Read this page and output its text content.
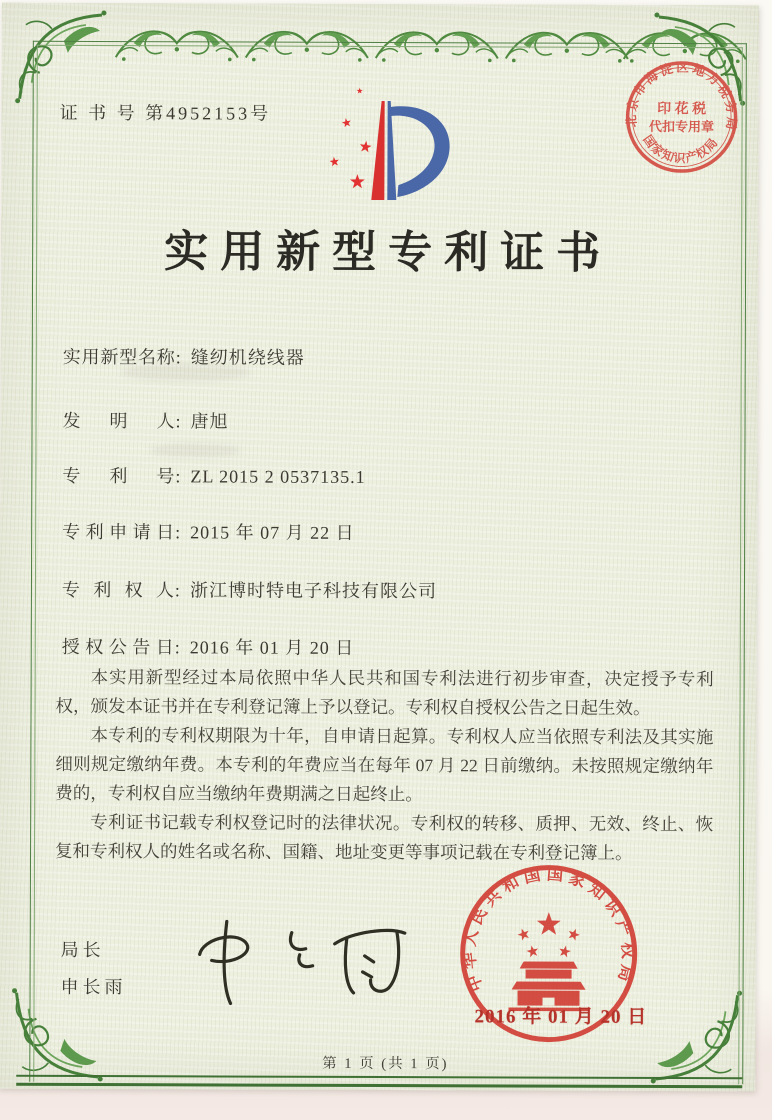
证 书 号 第4952153号	北京市海淀区地方税务局
国家知识产权局
印 花 税
代扣专用章
实用新型专利证书
实用新型名称: 缝纫机绕线器
发明人: 唐旭
专利号: ZL 2015 2 0537135.1
专利申请日: 2015 年 07 月 22 日
专利权人: 浙江博时特电子科技有限公司
授权公告日: 2016 年 01 月 20 日

本实用新型经过本局依照中华人民共和国专利法进行初步审查，决定授予专利权，颁发本证书并在专利登记簿上予以登记。专利权自授权公告之日起生效。

本专利的专利权期限为十年，自申请日起算。专利权人应当依照专利法及其实施细则规定缴纳年费。本专利的年费应当在每年 07 月 22 日前缴纳。未按照规定缴纳年费的，专利权自应当缴纳年费期满之日起终止。

专利证书记载专利权登记时的法律状况。专利权的转移、质押、无效、终止、恢复和专利权人的姓名或名称、国籍、地址变更等事项记载在专利登记簿上。

局长
申长雨	中华人民共和国国家知识产权局
2016 年 01 月 20 日
第 1 页 (共 1 页)
